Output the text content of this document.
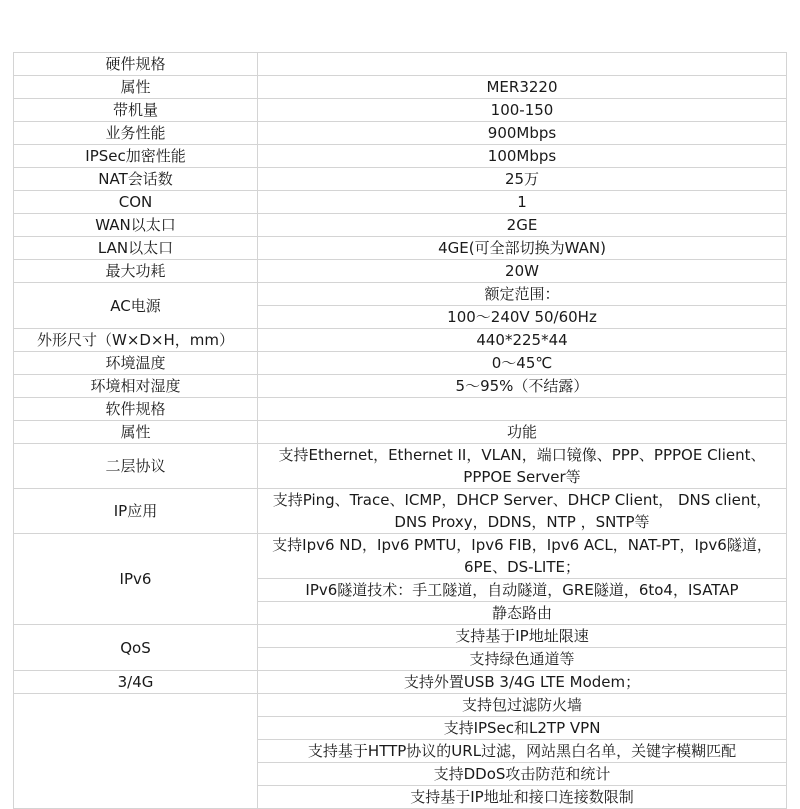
硬件规格	
属性	MER3220
带机量	100-150
业务性能	900Mbps
IPSec加密性能	100Mbps
NAT会话数	25万
CON	1
WAN以太口	2GE
LAN以太口	4GE(可全部切换为WAN)
最大功耗	20W
AC电源	额定范围：
	100～240V 50/60Hz
外形尺寸（W×D×H，mm）	440*225*44
环境温度	0～45℃
环境相对湿度	5～95%（不结露）
软件规格	
属性	功能
二层协议	支持Ethernet，Ethernet II，VLAN，端口镜像、PPP、PPPOE Client、PPPOE Server等
IP应用	支持Ping、Trace、ICMP，DHCP Server、DHCP Client， DNS client，DNS Proxy，DDNS，NTP ，SNTP等
IPv6	支持Ipv6 ND，Ipv6 PMTU，Ipv6 FIB，Ipv6 ACL，NAT-PT，Ipv6隧道，6PE、DS-LITE；
	IPv6隧道技术：手工隧道，自动隧道，GRE隧道，6to4，ISATAP
	静态路由
QoS	支持基于IP地址限速
	支持绿色通道等
3/4G	支持外置USB 3/4G LTE Modem；
	支持包过滤防火墙
	支持IPSec和L2TP VPN
	支持基于HTTP协议的URL过滤，网站黑白名单，关键字模糊匹配
	支持DDoS攻击防范和统计
	支持基于IP地址和接口连接数限制
